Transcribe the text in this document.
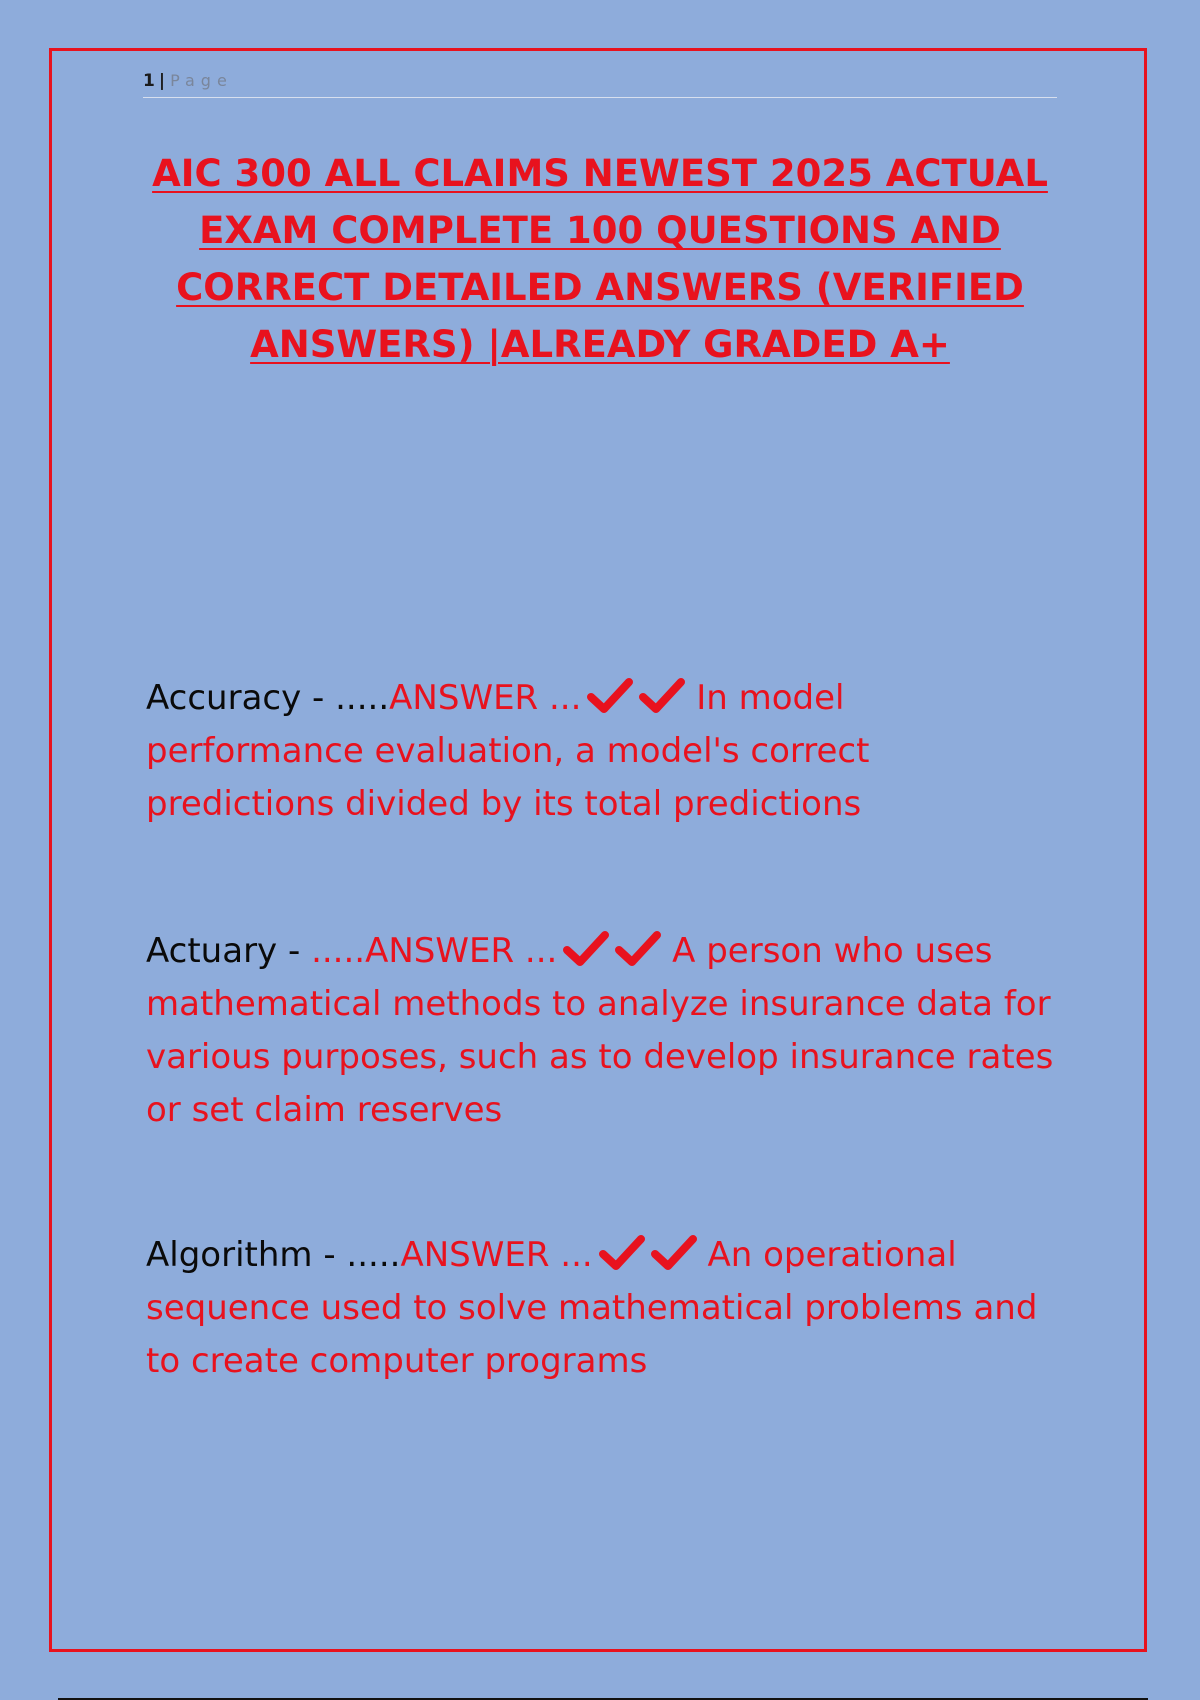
1 | Page
AIC 300 ALL CLAIMS NEWEST 2025 ACTUAL EXAM COMPLETE 100 QUESTIONS AND CORRECT DETAILED ANSWERS (VERIFIED ANSWERS) |ALREADY GRADED A+

Accuracy - .....ANSWER ...	In model performance evaluation, a model's correct predictions divided by its total predictions

Actuary - .....ANSWER ...	A person who uses mathematical methods to analyze insurance data for various purposes, such as to develop insurance rates or set claim reserves

Algorithm - .....ANSWER ...	An operational sequence used to solve mathematical problems and to create computer programs
